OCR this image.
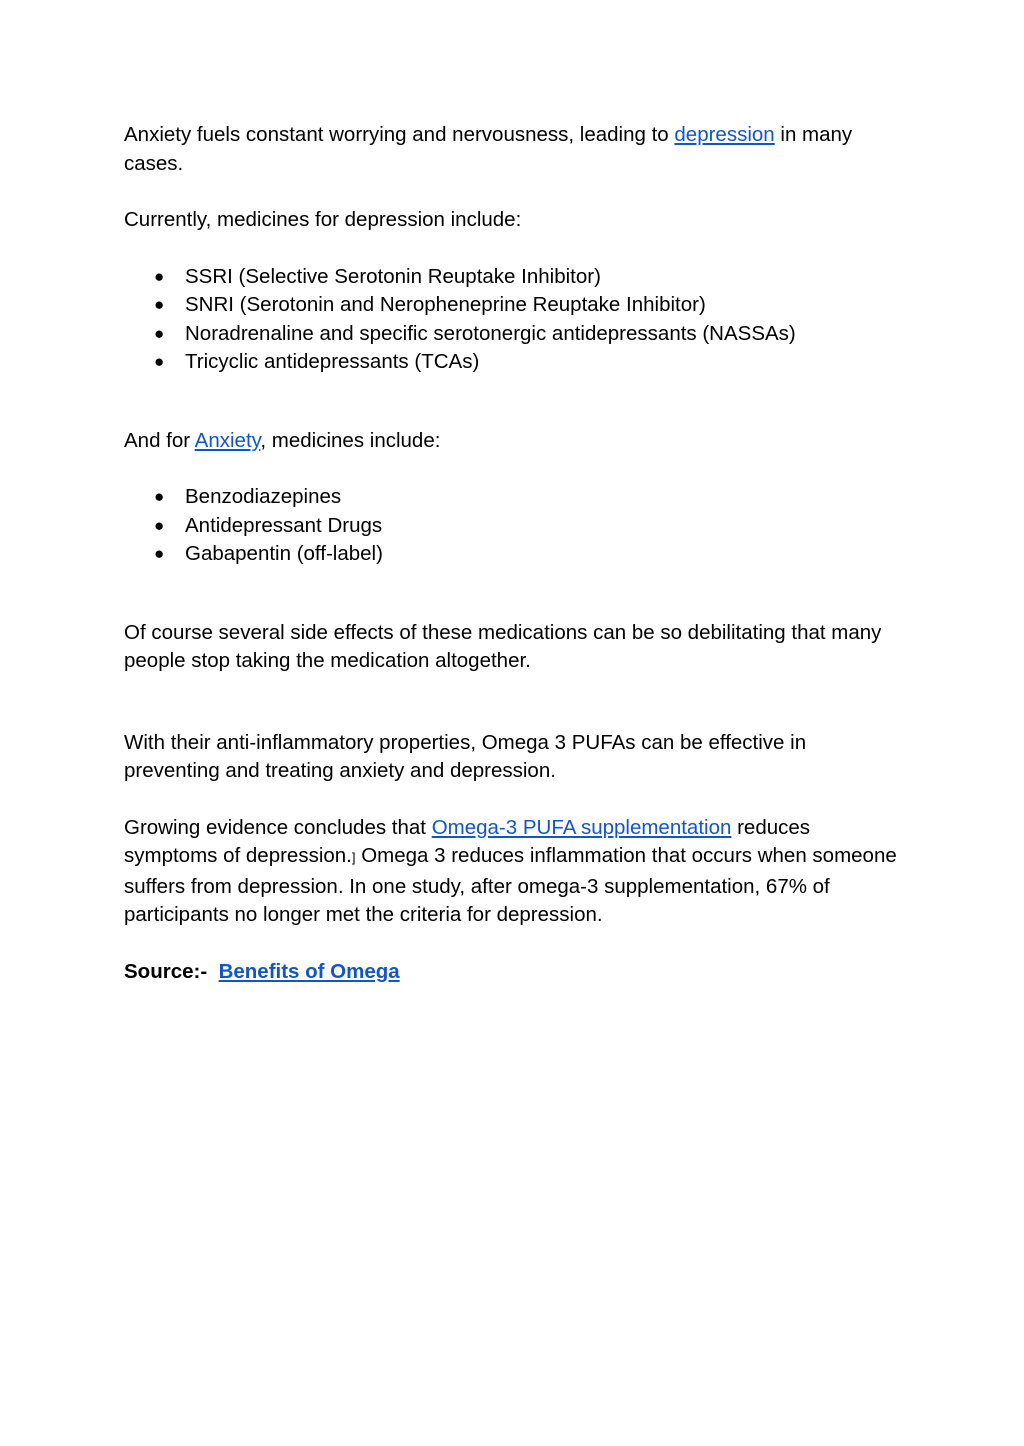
Anxiety fuels constant worrying and nervousness, leading to depression in many cases.

Currently, medicines for depression include:

● SSRI (Selective Serotonin Reuptake Inhibitor)
● SNRI (Serotonin and Neropheneprine Reuptake Inhibitor)
● Noradrenaline and specific serotonergic antidepressants (NASSAs)
● Tricyclic antidepressants (TCAs)

And for Anxiety, medicines include:

● Benzodiazepines
● Antidepressant Drugs
● Gabapentin (off-label)

Of course several side effects of these medications can be so debilitating that many people stop taking the medication altogether.

With their anti-inflammatory properties, Omega 3 PUFAs can be effective in preventing and treating anxiety and depression.

Growing evidence concludes that Omega-3 PUFA supplementation reduces symptoms of depression.] Omega 3 reduces inflammation that occurs when someone suffers from depression. In one study, after omega-3 supplementation, 67% of participants no longer met the criteria for depression.

Source:- Benefits of Omega
